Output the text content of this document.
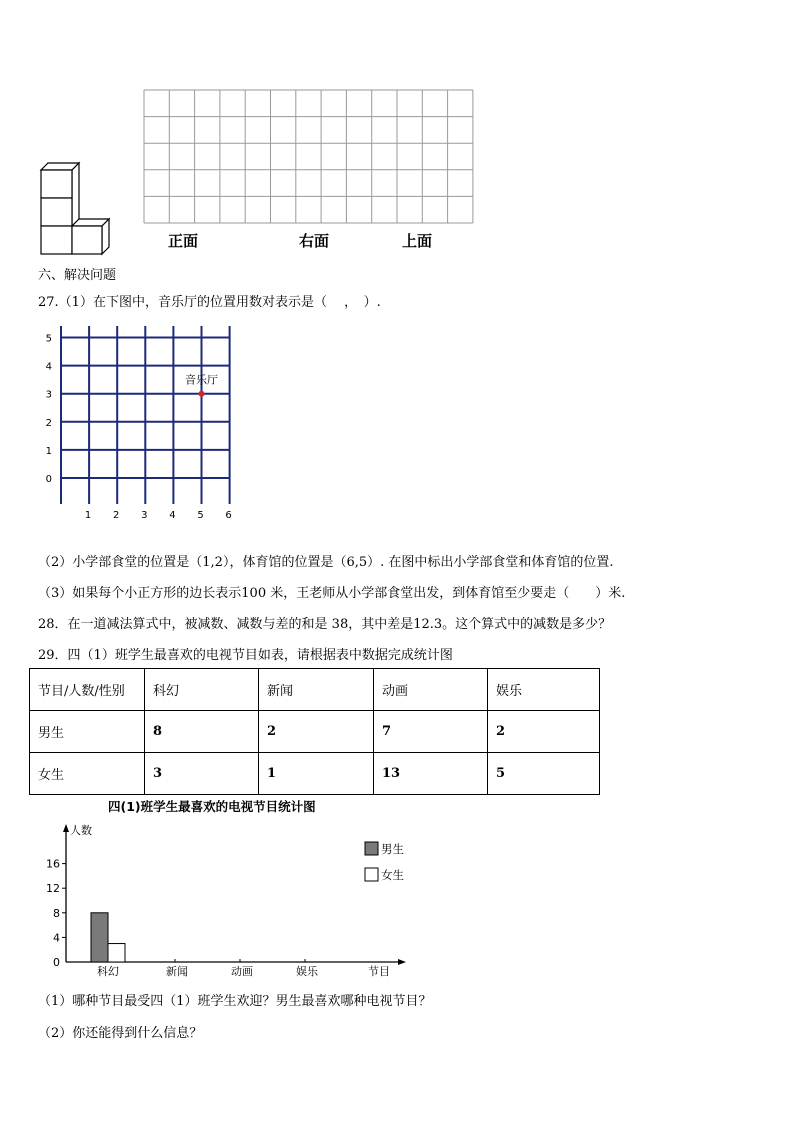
正面	右面	上面
六、解决问题
27.（1）在下图中，音乐厅的位置用数对表示是（　 ，　）.
0
1
2
3
4
5
1 2 3 4 5 6
音乐厅
（2）小学部食堂的位置是（1,2），体育馆的位置是（6,5）. 在图中标出小学部食堂和体育馆的位置.
（3）如果每个小正方形的边长表示100 米，王老师从小学部食堂出发，到体育馆至少要走（　　）米.
28．在一道减法算式中，被减数、减数与差的和是 38，其中差是12.3。这个算式中的减数是多少？
29．四（1）班学生最喜欢的电视节目如表，请根据表中数据完成统计图
节目/人数/性别	科幻	新闻	动画	娱乐
男生	8	2	7	2
女生	3	1	13	5
四(1)班学生最喜欢的电视节目统计图
人数
0
4
8
12
16
科幻	新闻	动画	娱乐	节目
男生
女生
（1）哪种节目最受四（1）班学生欢迎？男生最喜欢哪种电视节目？
（2）你还能得到什么信息？
